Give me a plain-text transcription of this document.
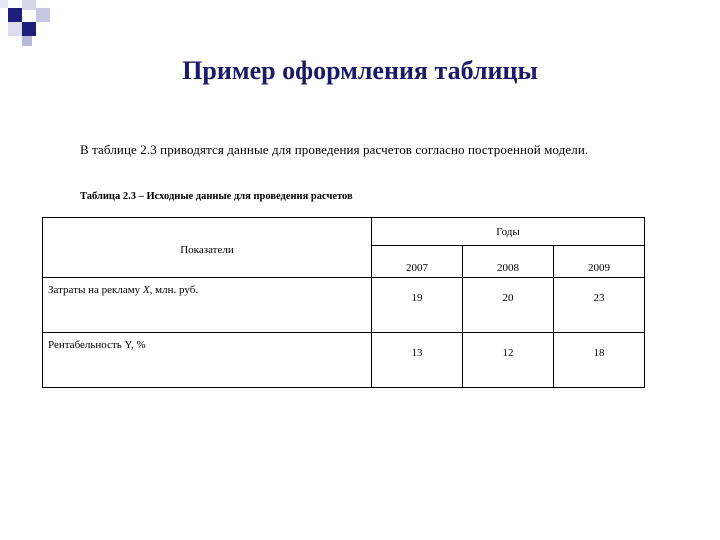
Пример оформления таблицы
В таблице 2.3 приводятся данные для проведения расчетов согласно построенной модели.
Таблица 2.3 – Исходные данные для проведения расчетов
Показатели	Годы		
	2007	2008	2009
Затраты на рекламу X, млн. руб.	19	20	23
Рентабельность Y, %	13	12	18
